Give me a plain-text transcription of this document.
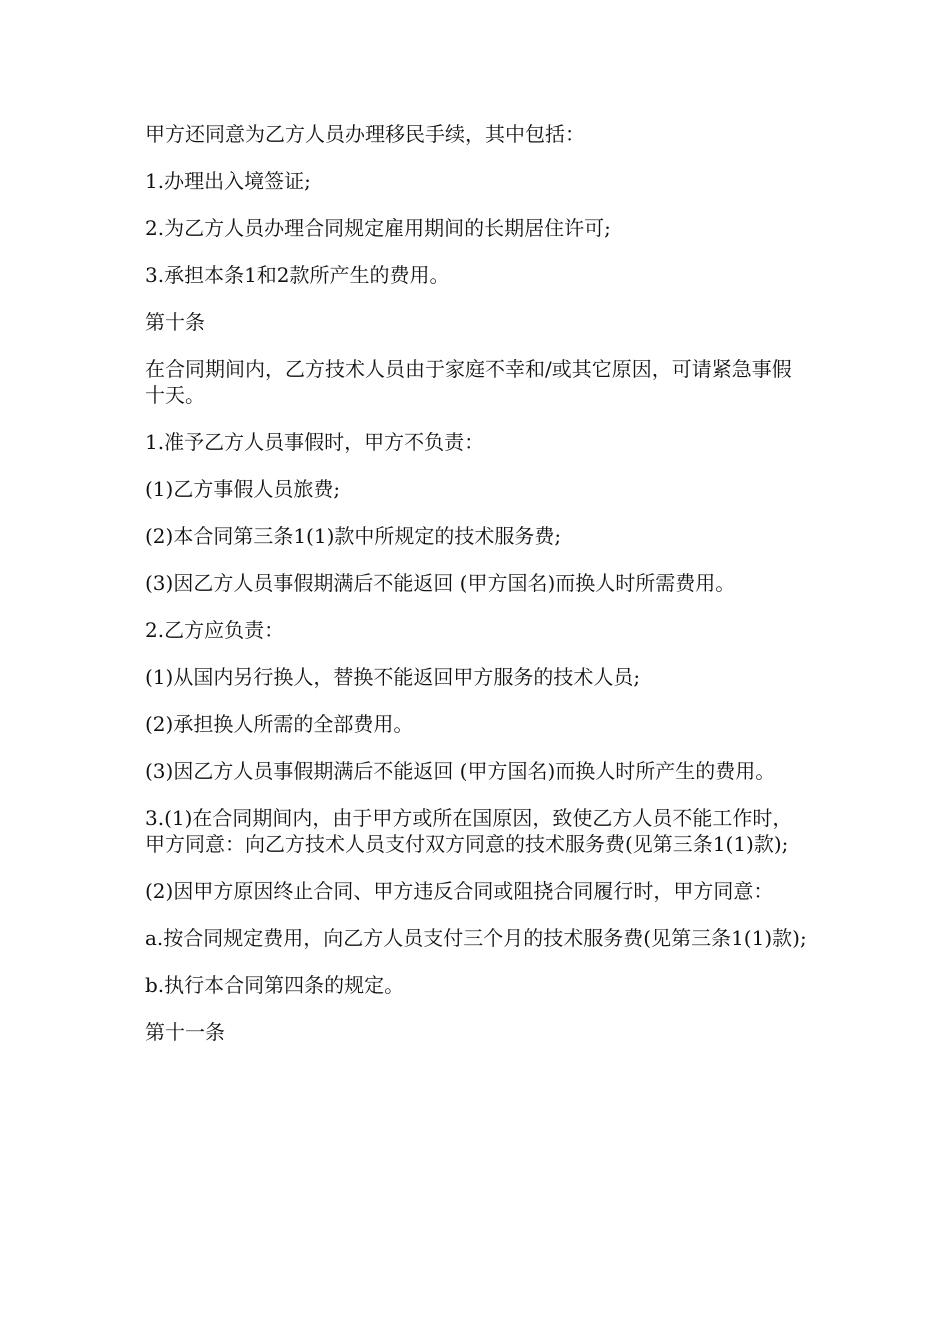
甲方还同意为乙方人员办理移民手续，其中包括：

1.办理出入境签证;

2.为乙方人员办理合同规定雇用期间的长期居住许可;

3.承担本条1和2款所产生的费用。

第十条

在合同期间内，乙方技术人员由于家庭不幸和/或其它原因，可请紧急事假十天。

1.准予乙方人员事假时，甲方不负责：

(1)乙方事假人员旅费;

(2)本合同第三条1(1)款中所规定的技术服务费;

(3)因乙方人员事假期满后不能返回 (甲方国名)而换人时所需费用。

2.乙方应负责：

(1)从国内另行换人，替换不能返回甲方服务的技术人员;

(2)承担换人所需的全部费用。

(3)因乙方人员事假期满后不能返回 (甲方国名)而换人时所产生的费用。

3.(1)在合同期间内，由于甲方或所在国原因，致使乙方人员不能工作时，甲方同意：向乙方技术人员支付双方同意的技术服务费(见第三条1(1)款);

(2)因甲方原因终止合同、甲方违反合同或阻挠合同履行时，甲方同意：

a.按合同规定费用，向乙方人员支付三个月的技术服务费(见第三条1(1)款);

b.执行本合同第四条的规定。

第十一条
